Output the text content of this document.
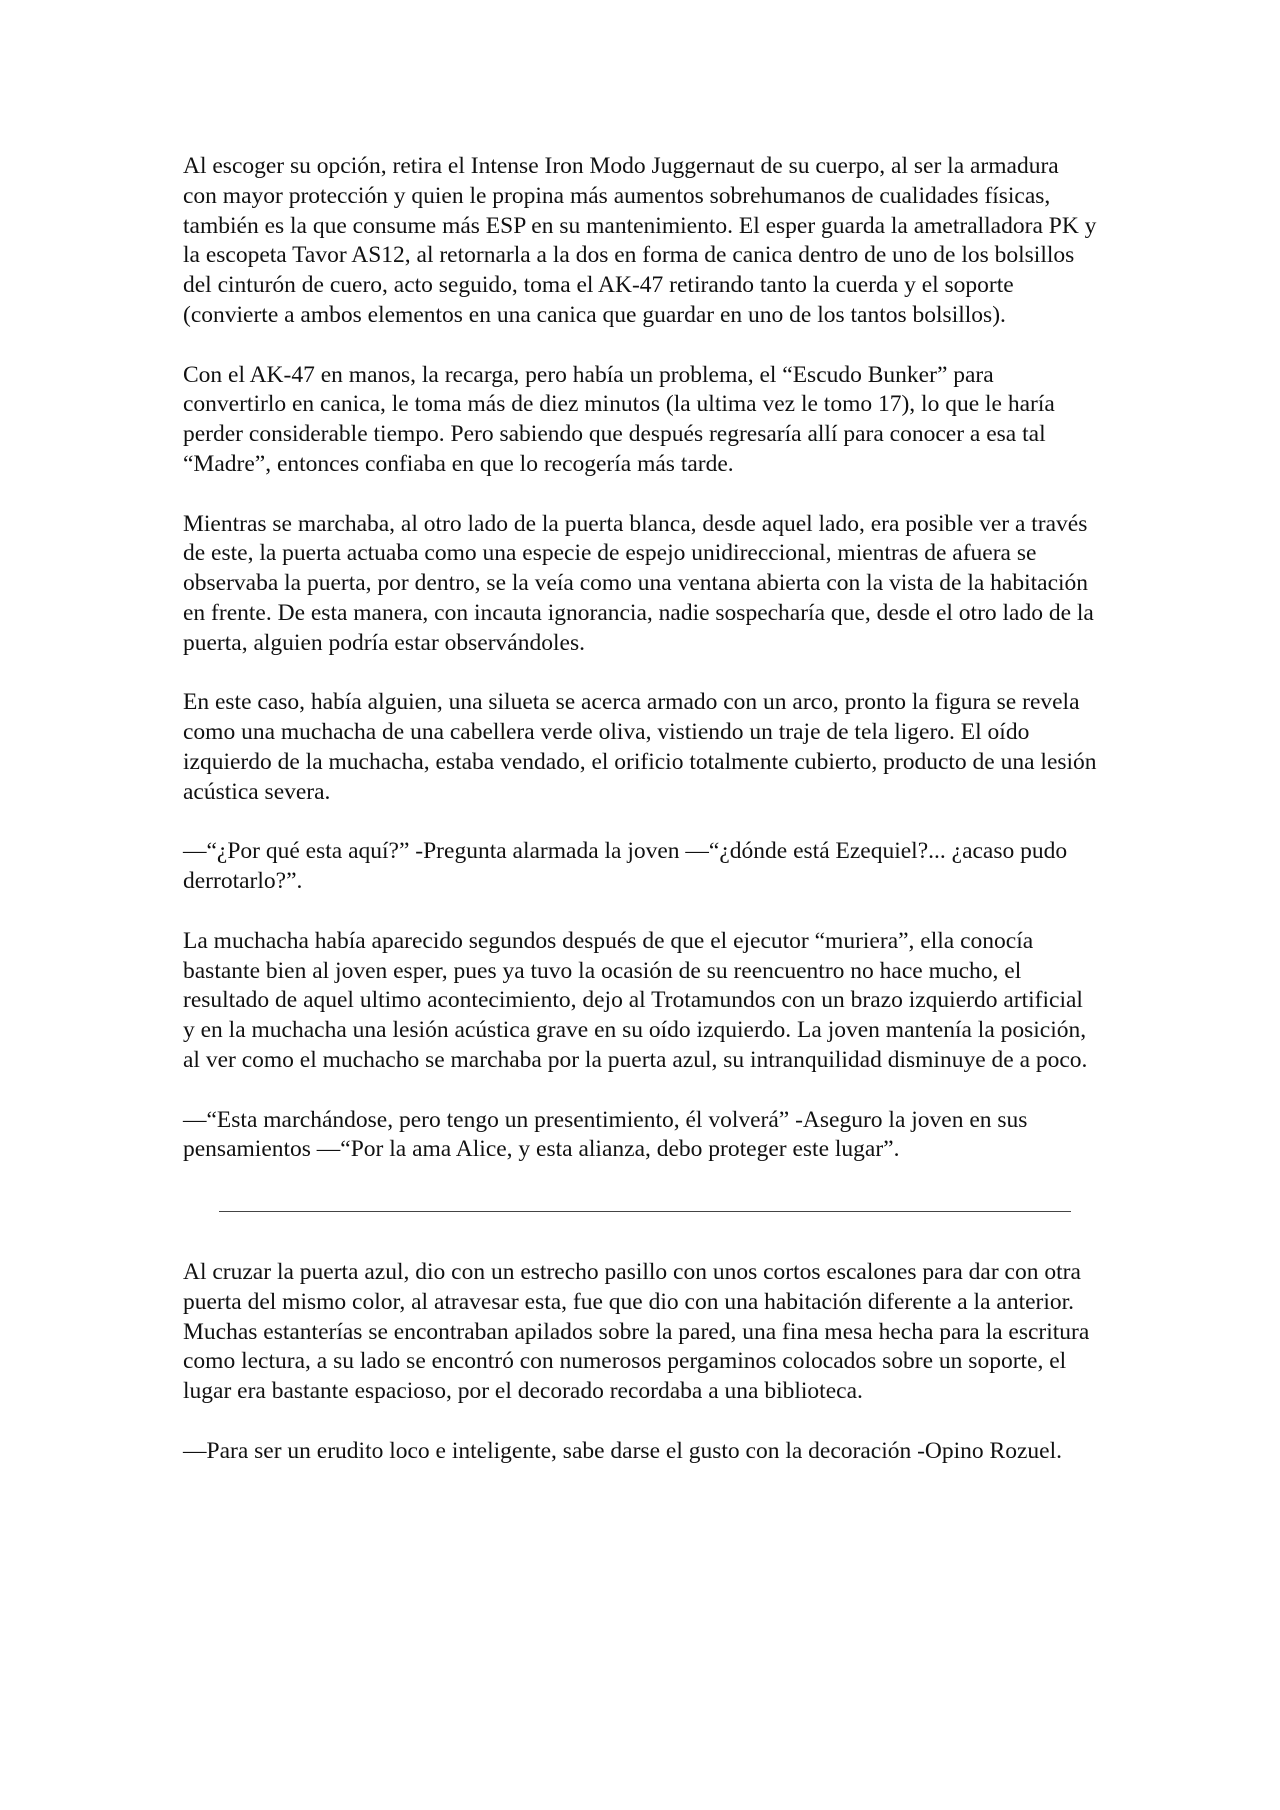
Al escoger su opción, retira el Intense Iron Modo Juggernaut de su cuerpo, al ser la armadura con mayor protección y quien le propina más aumentos sobrehumanos de cualidades físicas, también es la que consume más ESP en su mantenimiento. El esper guarda la ametralladora PK y la escopeta Tavor AS12, al retornarla a la dos en forma de canica dentro de uno de los bolsillos del cinturón de cuero, acto seguido, toma el AK-47 retirando tanto la cuerda y el soporte (convierte a ambos elementos en una canica que guardar en uno de los tantos bolsillos).

Con el AK-47 en manos, la recarga, pero había un problema, el “Escudo Bunker” para convertirlo en canica, le toma más de diez minutos (la ultima vez le tomo 17), lo que le haría perder considerable tiempo. Pero sabiendo que después regresaría allí para conocer a esa tal “Madre”, entonces confiaba en que lo recogería más tarde.

Mientras se marchaba, al otro lado de la puerta blanca, desde aquel lado, era posible ver a través de este, la puerta actuaba como una especie de espejo unidireccional, mientras de afuera se observaba la puerta, por dentro, se la veía como una ventana abierta con la vista de la habitación en frente. De esta manera, con incauta ignorancia, nadie sospecharía que, desde el otro lado de la puerta, alguien podría estar observándoles.

En este caso, había alguien, una silueta se acerca armado con un arco, pronto la figura se revela como una muchacha de una cabellera verde oliva, vistiendo un traje de tela ligero. El oído izquierdo de la muchacha, estaba vendado, el orificio totalmente cubierto, producto de una lesión acústica severa.

—“¿Por qué esta aquí?” -Pregunta alarmada la joven —“¿dónde está Ezequiel?... ¿acaso pudo derrotarlo?”.

La muchacha había aparecido segundos después de que el ejecutor “muriera”, ella conocía bastante bien al joven esper, pues ya tuvo la ocasión de su reencuentro no hace mucho, el resultado de aquel ultimo acontecimiento, dejo al Trotamundos con un brazo izquierdo artificial y en la muchacha una lesión acústica grave en su oído izquierdo. La joven mantenía la posición, al ver como el muchacho se marchaba por la puerta azul, su intranquilidad disminuye de a poco.

—“Esta marchándose, pero tengo un presentimiento, él volverá” -Aseguro la joven en sus pensamientos —“Por la ama Alice, y esta alianza, debo proteger este lugar”.

Al cruzar la puerta azul, dio con un estrecho pasillo con unos cortos escalones para dar con otra puerta del mismo color, al atravesar esta, fue que dio con una habitación diferente a la anterior. Muchas estanterías se encontraban apilados sobre la pared, una fina mesa hecha para la escritura como lectura, a su lado se encontró con numerosos pergaminos colocados sobre un soporte, el lugar era bastante espacioso, por el decorado recordaba a una biblioteca.

—Para ser un erudito loco e inteligente, sabe darse el gusto con la decoración -Opino Rozuel.
